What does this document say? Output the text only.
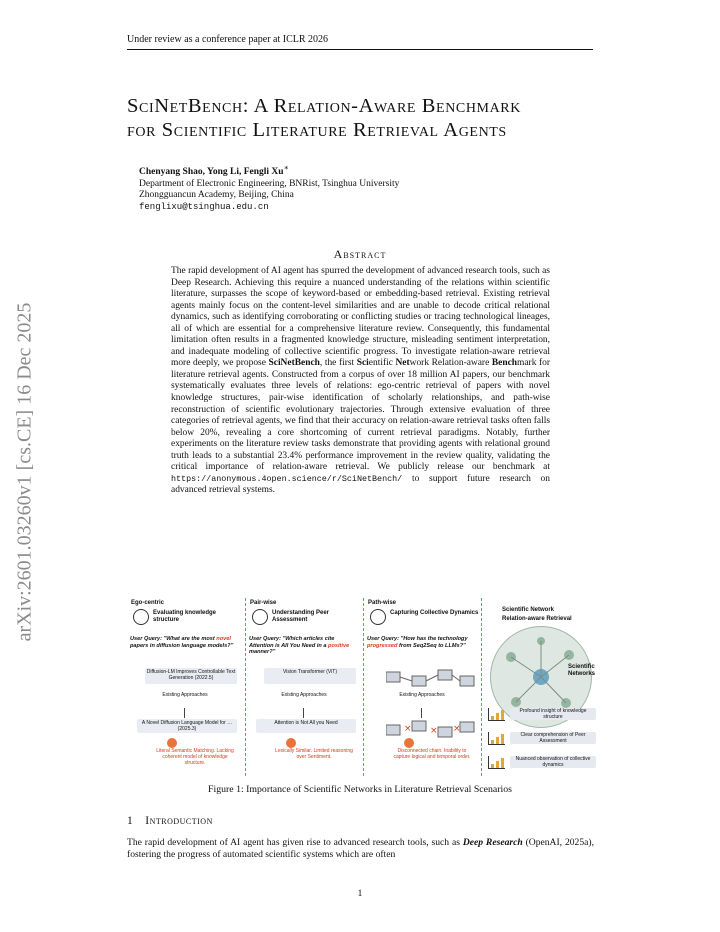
Under review as a conference paper at ICLR 2026
arXiv:2601.03260v1 [cs.CE] 16 Dec 2025
SciNetBench: A Relation-Aware Benchmark
for Scientific Literature Retrieval Agents
Chenyang Shao, Yong Li, Fengli Xu∗
Department of Electronic Engineering, BNRist, Tsinghua University
Zhongguancun Academy, Beijing, China
fenglixu@tsinghua.edu.cn
Abstract
The rapid development of AI agent has spurred the development of advanced research tools, such as Deep Research. Achieving this require a nuanced understanding of the relations within scientific literature, surpasses the scope of keyword-based or embedding-based retrieval. Existing retrieval agents mainly focus on the content-level similarities and are unable to decode critical relational dynamics, such as identifying corroborating or conflicting studies or tracing technological lineages, all of which are essential for a comprehensive literature review. Consequently, this fundamental limitation often results in a fragmented knowledge structure, misleading sentiment interpretation, and inadequate modeling of collective scientific progress. To investigate relation-aware retrieval more deeply, we propose SciNetBench, the first Scientific Network Relation-aware Benchmark for literature retrieval agents. Constructed from a corpus of over 18 million AI papers, our benchmark systematically evaluates three levels of relations: ego-centric retrieval of papers with novel knowledge structures, pair-wise identification of scholarly relationships, and path-wise reconstruction of scientific evolutionary trajectories. Through extensive evaluation of three categories of retrieval agents, we find that their accuracy on relation-aware retrieval tasks often falls below 20%, revealing a core shortcoming of current retrieval paradigms. Notably, further experiments on the literature review tasks demonstrate that providing agents with relational ground truth leads to a substantial 23.4% performance improvement in the review quality, validating the critical importance of relation-aware retrieval. We publicly release our benchmark at https://anonymous.4open.science/r/SciNetBench/ to support future research on advanced retrieval systems.
Ego-centric
Evaluating knowledge structure
User Query: "What are the most novel papers in diffusion language models?"
Diffusion-LM Improves Controllable Text Generation (2022.5)
Existing Approaches
A Novel Diffusion Language Model for … (2025.3)
Literal Semantic Matching. Lacking coherent model of knowledge structure.
Pair-wise
Understanding Peer Assessment
User Query: "Which articles cite Attention is All You Need in a positive manner?"
Vision Transformer (ViT)
Existing Approaches
Attention is Not All you Need
Lexically Similar. Limited reasoning over Sentiment.
Path-wise
Capturing Collective Dynamics
User Query: "How has the technology progressed from Seq2Seq to LLMs?"
Existing Approaches
× × ×
Disconnected chain. Inability to capture logical and temporal order.
Scientific Network
Relation-aware Retrieval
Scientific Networks
Profound insight of knowledge structure
Clear comprehension of Peer Assessment
Nuanced observation of collective dynamics
Figure 1: Importance of Scientific Networks in Literature Retrieval Scenarios
1 Introduction
The rapid development of AI agent has given rise to advanced research tools, such as Deep Research (OpenAI, 2025a), fostering the progress of automated scientific systems which are often
1
